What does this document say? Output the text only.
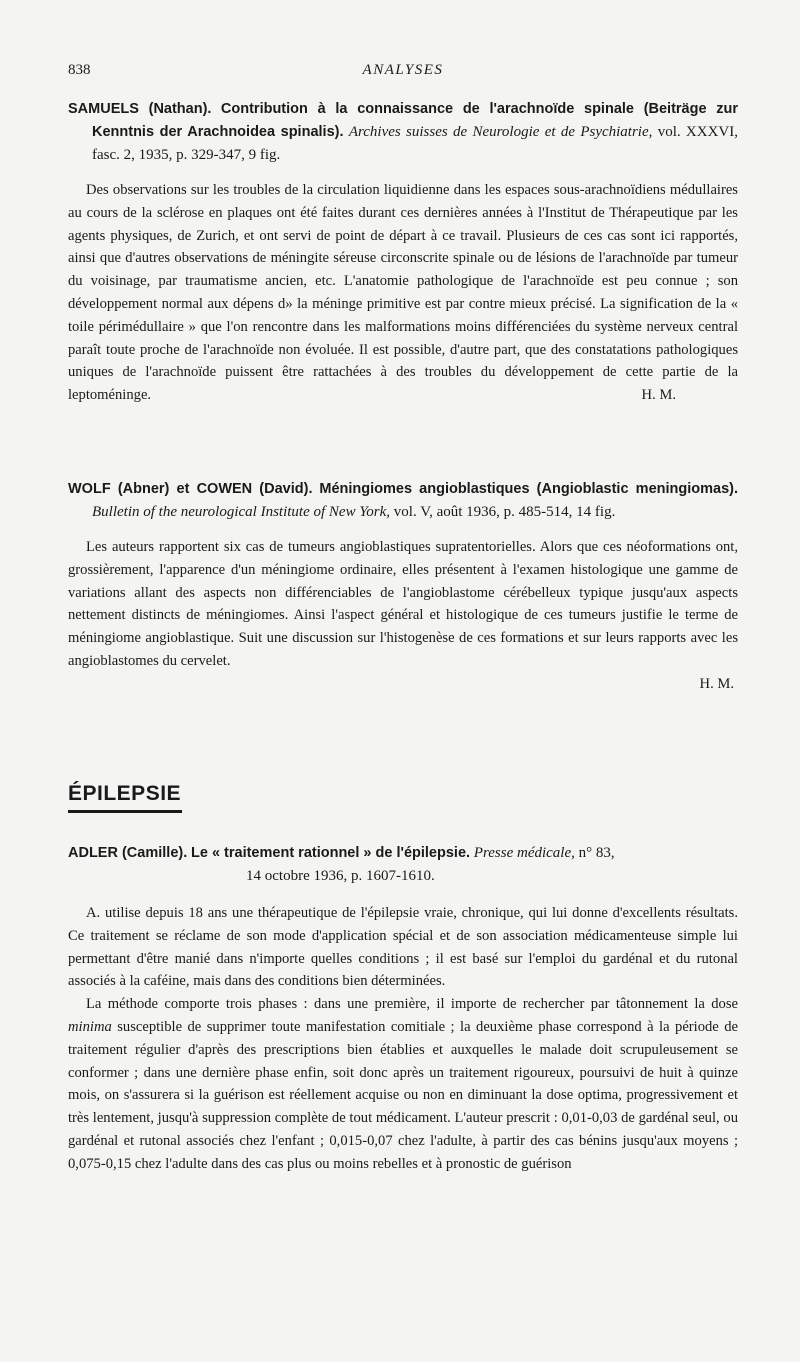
838	ANALYSES
SAMUELS (Nathan). Contribution à la connaissance de l'arachnoïde spinale (Beiträge zur Kenntnis der Arachnoidea spinalis). Archives suisses de Neurologie et de Psychiatrie, vol. XXXVI, fasc. 2, 1935, p. 329-347, 9 fig.

Des observations sur les troubles de la circulation liquidienne dans les espaces sous-arachnoïdiens médullaires au cours de la sclérose en plaques ont été faites durant ces dernières années à l'Institut de Thérapeutique par les agents physiques, de Zurich, et ont servi de point de départ à ce travail. Plusieurs de ces cas sont ici rapportés, ainsi que d'autres observations de méningite séreuse circonscrite spinale ou de lésions de l'arachnoïde par tumeur du voisinage, par traumatisme ancien, etc. L'anatomie pathologique de l'arachnoïde est peu connue ; son développement normal aux dépens d» la méninge primitive est par contre mieux précisé. La signification de la « toile périmédullaire » que l'on rencontre dans les malformations moins différenciées du système nerveux central paraît toute proche de l'arachnoïde non évoluée. Il est possible, d'autre part, que des constatations pathologiques uniques de l'arachnoïde puissent être rattachées à des troubles du développement de cette partie de la leptoméninge.	H. M.

WOLF (Abner) et COWEN (David). Méningiomes angioblastiques (Angioblastic meningiomas). Bulletin of the neurological Institute of New York, vol. V, août 1936, p. 485-514, 14 fig.

Les auteurs rapportent six cas de tumeurs angioblastiques supratentorielles. Alors que ces néoformations ont, grossièrement, l'apparence d'un méningiome ordinaire, elles présentent à l'examen histologique une gamme de variations allant des aspects non différenciables de l'angioblastome cérébelleux typique jusqu'aux aspects nettement distincts de méningiomes. Ainsi l'aspect général et histologique de ces tumeurs justifie le terme de méningiome angioblastique. Suit une discussion sur l'histogenèse de ces formations et sur leurs rapports avec les angioblastomes du cervelet.

H. M.
ÉPILEPSIE
ADLER (Camille). Le « traitement rationnel » de l'épilepsie. Presse médicale, n° 83,
14 octobre 1936, p. 1607-1610.

A. utilise depuis 18 ans une thérapeutique de l'épilepsie vraie, chronique, qui lui donne d'excellents résultats. Ce traitement se réclame de son mode d'application spécial et de son association médicamenteuse simple lui permettant d'être manié dans n'importe quelles conditions ; il est basé sur l'emploi du gardénal et du rutonal associés à la caféine, mais dans des conditions bien déterminées.

La méthode comporte trois phases : dans une première, il importe de rechercher par tâtonnement la dose minima susceptible de supprimer toute manifestation comitiale ; la deuxième phase correspond à la période de traitement régulier d'après des prescriptions bien établies et auxquelles le malade doit scrupuleusement se conformer ; dans une dernière phase enfin, soit donc après un traitement rigoureux, poursuivi de huit à quinze mois, on s'assurera si la guérison est réellement acquise ou non en diminuant la dose optima, progressivement et très lentement, jusqu'à suppression complète de tout médicament. L'auteur prescrit : 0,01-0,03 de gardénal seul, ou gardénal et rutonal associés chez l'enfant ; 0,015-0,07 chez l'adulte, à partir des cas bénins jusqu'aux moyens ; 0,075-0,15 chez l'adulte dans des cas plus ou moins rebelles et à pronostic de guérison
